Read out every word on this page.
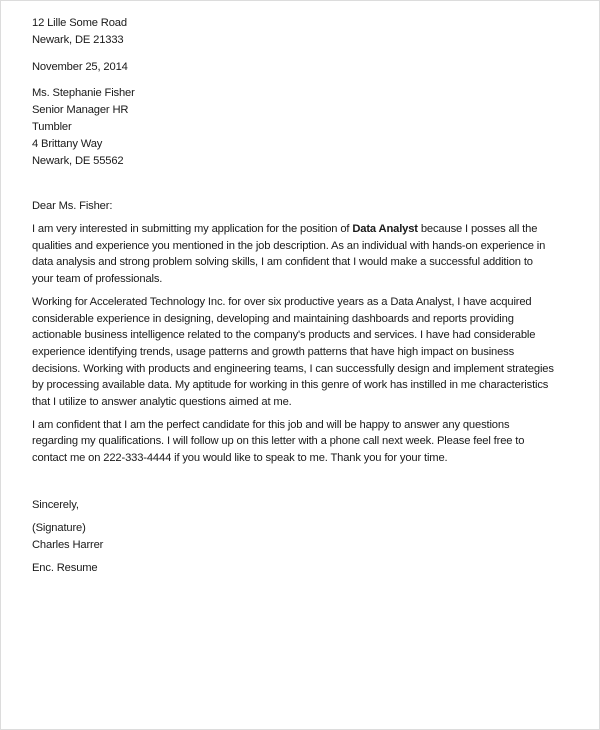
12 Lille Some Road
Newark, DE 21333
November 25, 2014
Ms. Stephanie Fisher
Senior Manager HR
Tumbler
4 Brittany Way
Newark, DE 55562
Dear Ms. Fisher:
I am very interested in submitting my application for the position of Data Analyst because I posses all the
qualities and experience you mentioned in the job description. As an individual with hands-on experience in
data analysis and strong problem solving skills, I am confident that I would make a successful addition to
your team of professionals.
Working for Accelerated Technology Inc. for over six productive years as a Data Analyst, I have acquired
considerable experience in designing, developing and maintaining dashboards and reports providing
actionable business intelligence related to the company's products and services. I have had considerable
experience identifying trends, usage patterns and growth patterns that have high impact on business
decisions. Working with products and engineering teams, I can successfully design and implement strategies
by processing available data. My aptitude for working in this genre of work has instilled in me characteristics
that I utilize to answer analytic questions aimed at me.
I am confident that I am the perfect candidate for this job and will be happy to answer any questions
regarding my qualifications. I will follow up on this letter with a phone call next week. Please feel free to
contact me on 222-333-4444 if you would like to speak to me. Thank you for your time.
Sincerely,
(Signature)
Charles Harrer
Enc. Resume
